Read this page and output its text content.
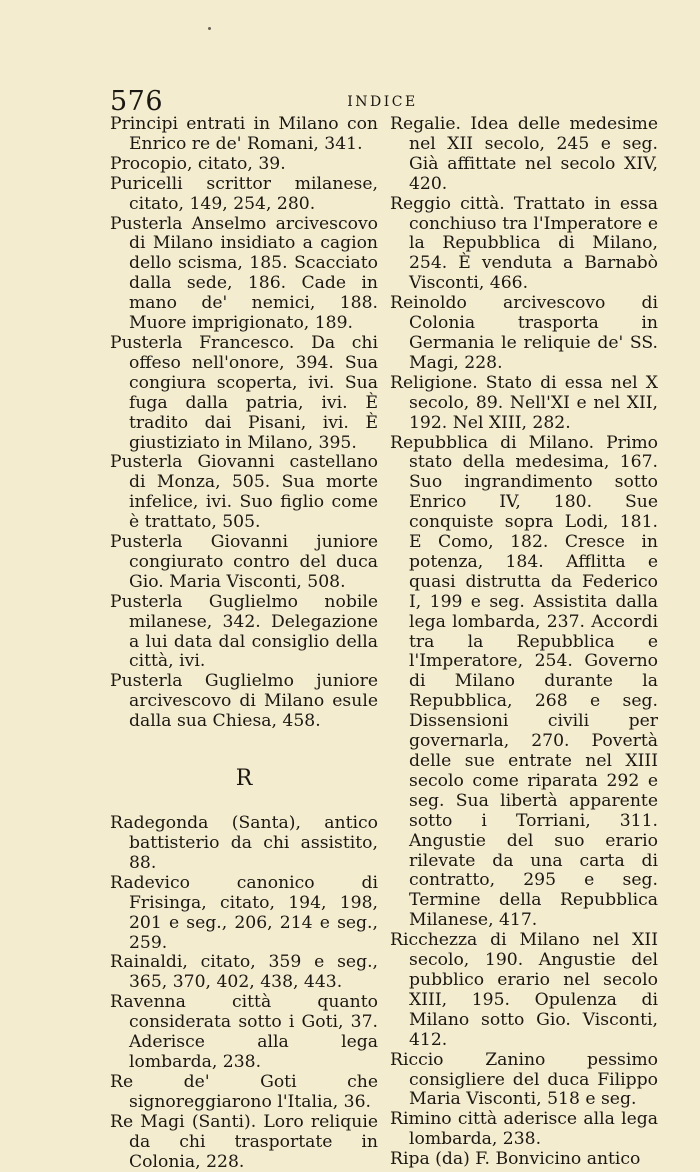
576	INDICE

Principi entrati in Milano con Enrico re de' Romani, 341.

Procopio, citato, 39.

Puricelli scrittor milanese, citato, 149, 254, 280.

Pusterla Anselmo arcivescovo di Milano insidiato a cagion dello scisma, 185. Scacciato dalla sede, 186. Cade in mano de' nemici, 188. Muore imprigionato, 189.

Pusterla Francesco. Da chi offeso nell'onore, 394. Sua congiura scoperta, ivi. Sua fuga dalla patria, ivi. È tradito dai Pisani, ivi. È giustiziato in Milano, 395.

Pusterla Giovanni castellano di Monza, 505. Sua morte infelice, ivi. Suo figlio come è trattato, 505.

Pusterla Giovanni juniore congiurato contro del duca Gio. Maria Visconti, 508.

Pusterla Guglielmo nobile milanese, 342. Delegazione a lui data dal consiglio della città, ivi.

Pusterla Guglielmo juniore arcivescovo di Milano esule dalla sua Chiesa, 458.

R

Radegonda (Santa), antico battisterio da chi assistito, 88.

Radevico canonico di Frisinga, citato, 194, 198, 201 e seg., 206, 214 e seg., 259.

Rainaldi, citato, 359 e seg., 365, 370, 402, 438, 443.

Ravenna città quanto considerata sotto i Goti, 37. Aderisce alla lega lombarda, 238.

Re de' Goti che signoreggiarono l'Italia, 36.

Re Magi (Santi). Loro reliquie da chi trasportate in Colonia, 228.

Regalie. Idea delle medesime nel XII secolo, 245 e seg. Già affittate nel secolo XIV, 420.

Reggio città. Trattato in essa conchiuso tra l'Imperatore e la Repubblica di Milano, 254. È venduta a Barnabò Visconti, 466.

Reinoldo arcivescovo di Colonia trasporta in Germania le reliquie de' SS. Magi, 228.

Religione. Stato di essa nel X secolo, 89. Nell'XI e nel XII, 192. Nel XIII, 282.

Repubblica di Milano. Primo stato della medesima, 167. Suo ingrandimento sotto Enrico IV, 180. Sue conquiste sopra Lodi, 181. E Como, 182. Cresce in potenza, 184. Afflitta e quasi distrutta da Federico I, 199 e seg. Assistita dalla lega lombarda, 237. Accordi tra la Repubblica e l'Imperatore, 254. Governo di Milano durante la Repubblica, 268 e seg. Dissensioni civili per governarla, 270. Povertà delle sue entrate nel XIII secolo come riparata 292 e seg. Sua libertà apparente sotto i Torriani, 311. Angustie del suo erario rilevate da una carta di contratto, 295 e seg. Termine della Repubblica Milanese, 417.

Ricchezza di Milano nel XII secolo, 190. Angustie del pubblico erario nel secolo XIII, 195. Opulenza di Milano sotto Gio. Visconti, 412.

Riccio Zanino pessimo consigliere del duca Filippo Maria Visconti, 518 e seg.

Rimino città aderisce alla lega lombarda, 238.

Ripa (da) F. Bonvicino antico
